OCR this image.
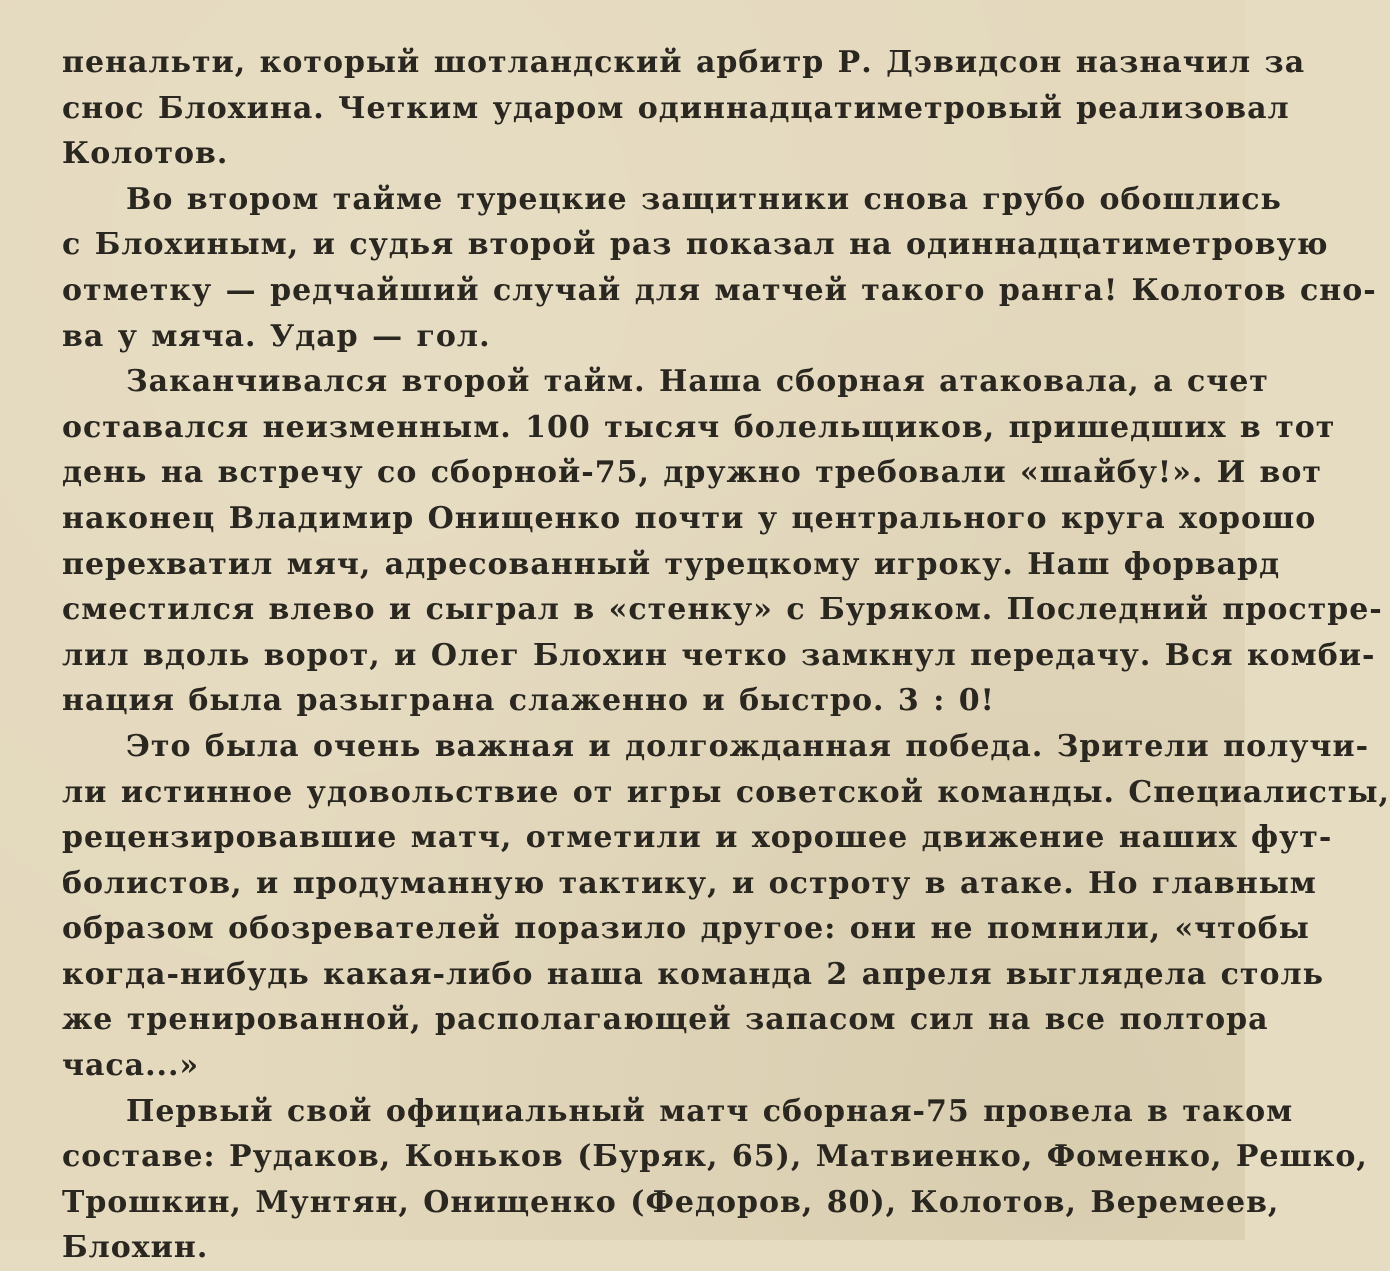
пенальти, который шотландский арбитр Р. Дэвидсон назначил за
снос Блохина. Четким ударом одиннадцатиметровый реализовал
Колотов.

Во втором тайме турецкие защитники снова грубо обошлись
с Блохиным, и судья второй раз показал на одиннадцатиметровую
отметку — редчайший случай для матчей такого ранга! Колотов сно-
ва у мяча. Удар — гол.

Заканчивался второй тайм. Наша сборная атаковала, а счет
оставался неизменным. 100 тысяч болельщиков, пришедших в тот
день на встречу со сборной-75, дружно требовали «шайбу!». И вот
наконец Владимир Онищенко почти у центрального круга хорошо
перехватил мяч, адресованный турецкому игроку. Наш форвард
сместился влево и сыграл в «стенку» с Буряком. Последний простре-
лил вдоль ворот, и Олег Блохин четко замкнул передачу. Вся комби-
нация была разыграна слаженно и быстро. 3 : 0!

Это была очень важная и долгожданная победа. Зрители получи-
ли истинное удовольствие от игры советской команды. Специалисты,
рецензировавшие матч, отметили и хорошее движение наших фут-
болистов, и продуманную тактику, и остроту в атаке. Но главным
образом обозревателей поразило другое: они не помнили, «чтобы
когда-нибудь какая-либо наша команда 2 апреля выглядела столь
же тренированной, располагающей запасом сил на все полтора
часа...»

Первый свой официальный матч сборная-75 провела в таком
составе: Рудаков, Коньков (Буряк, 65), Матвиенко, Фоменко, Решко,
Трошкин, Мунтян, Онищенко (Федоров, 80), Колотов, Веремеев,
Блохин.
